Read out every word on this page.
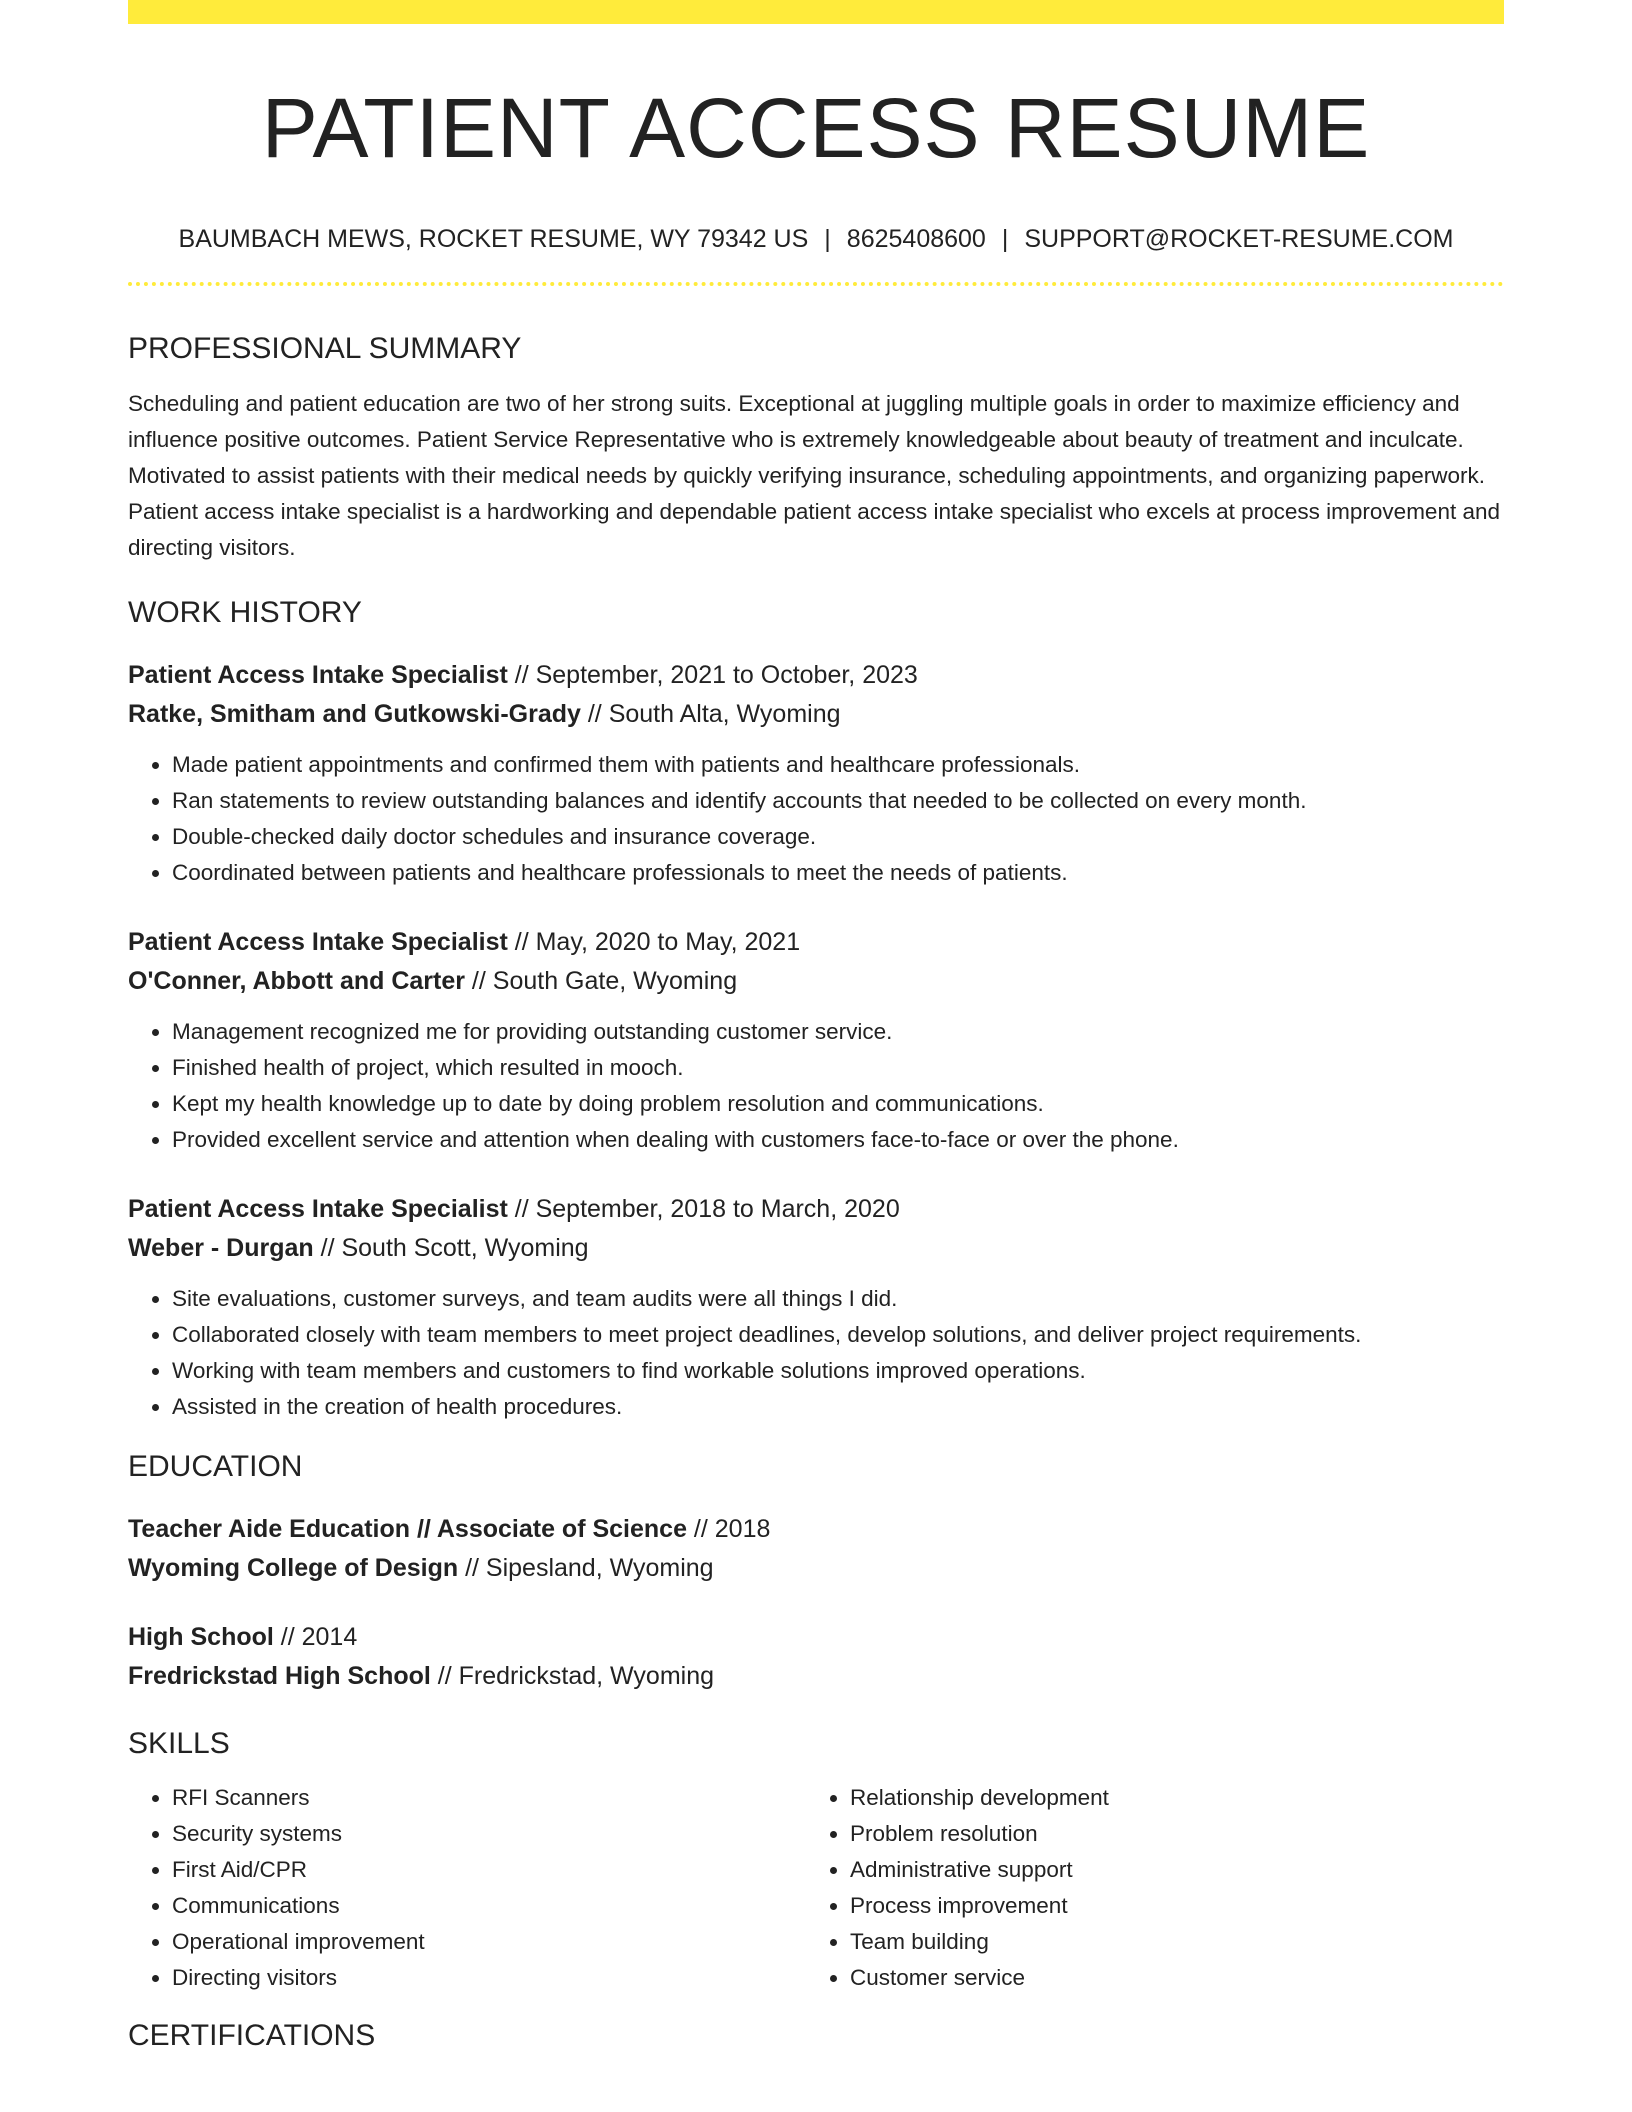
PATIENT ACCESS RESUME
BAUMBACH MEWS, ROCKET RESUME, WY 79342 US | 8625408600 | SUPPORT@ROCKET-RESUME.COM
PROFESSIONAL SUMMARY

Scheduling and patient education are two of her strong suits. Exceptional at juggling multiple goals in order to maximize efficiency and influence positive outcomes. Patient Service Representative who is extremely knowledgeable about beauty of treatment and inculcate. Motivated to assist patients with their medical needs by quickly verifying insurance, scheduling appointments, and organizing paperwork. Patient access intake specialist is a hardworking and dependable patient access intake specialist who excels at process improvement and directing visitors.

WORK HISTORY
Patient Access Intake Specialist // September, 2021 to October, 2023
Ratke, Smitham and Gutkowski-Grady // South Alta, Wyoming
• Made patient appointments and confirmed them with patients and healthcare professionals.
• Ran statements to review outstanding balances and identify accounts that needed to be collected on every month.
• Double-checked daily doctor schedules and insurance coverage.
• Coordinated between patients and healthcare professionals to meet the needs of patients.
Patient Access Intake Specialist // May, 2020 to May, 2021
O'Conner, Abbott and Carter // South Gate, Wyoming
• Management recognized me for providing outstanding customer service.
• Finished health of project, which resulted in mooch.
• Kept my health knowledge up to date by doing problem resolution and communications.
• Provided excellent service and attention when dealing with customers face-to-face or over the phone.
Patient Access Intake Specialist // September, 2018 to March, 2020
Weber - Durgan // South Scott, Wyoming
• Site evaluations, customer surveys, and team audits were all things I did.
• Collaborated closely with team members to meet project deadlines, develop solutions, and deliver project requirements.
• Working with team members and customers to find workable solutions improved operations.
• Assisted in the creation of health procedures.
EDUCATION
Teacher Aide Education // Associate of Science // 2018
Wyoming College of Design // Sipesland, Wyoming
High School // 2014
Fredrickstad High School // Fredrickstad, Wyoming
SKILLS
• RFI Scanners
• Security systems
• First Aid/CPR
• Communications
• Operational improvement
• Directing visitors
• Relationship development
• Problem resolution
• Administrative support
• Process improvement
• Team building
• Customer service
CERTIFICATIONS
